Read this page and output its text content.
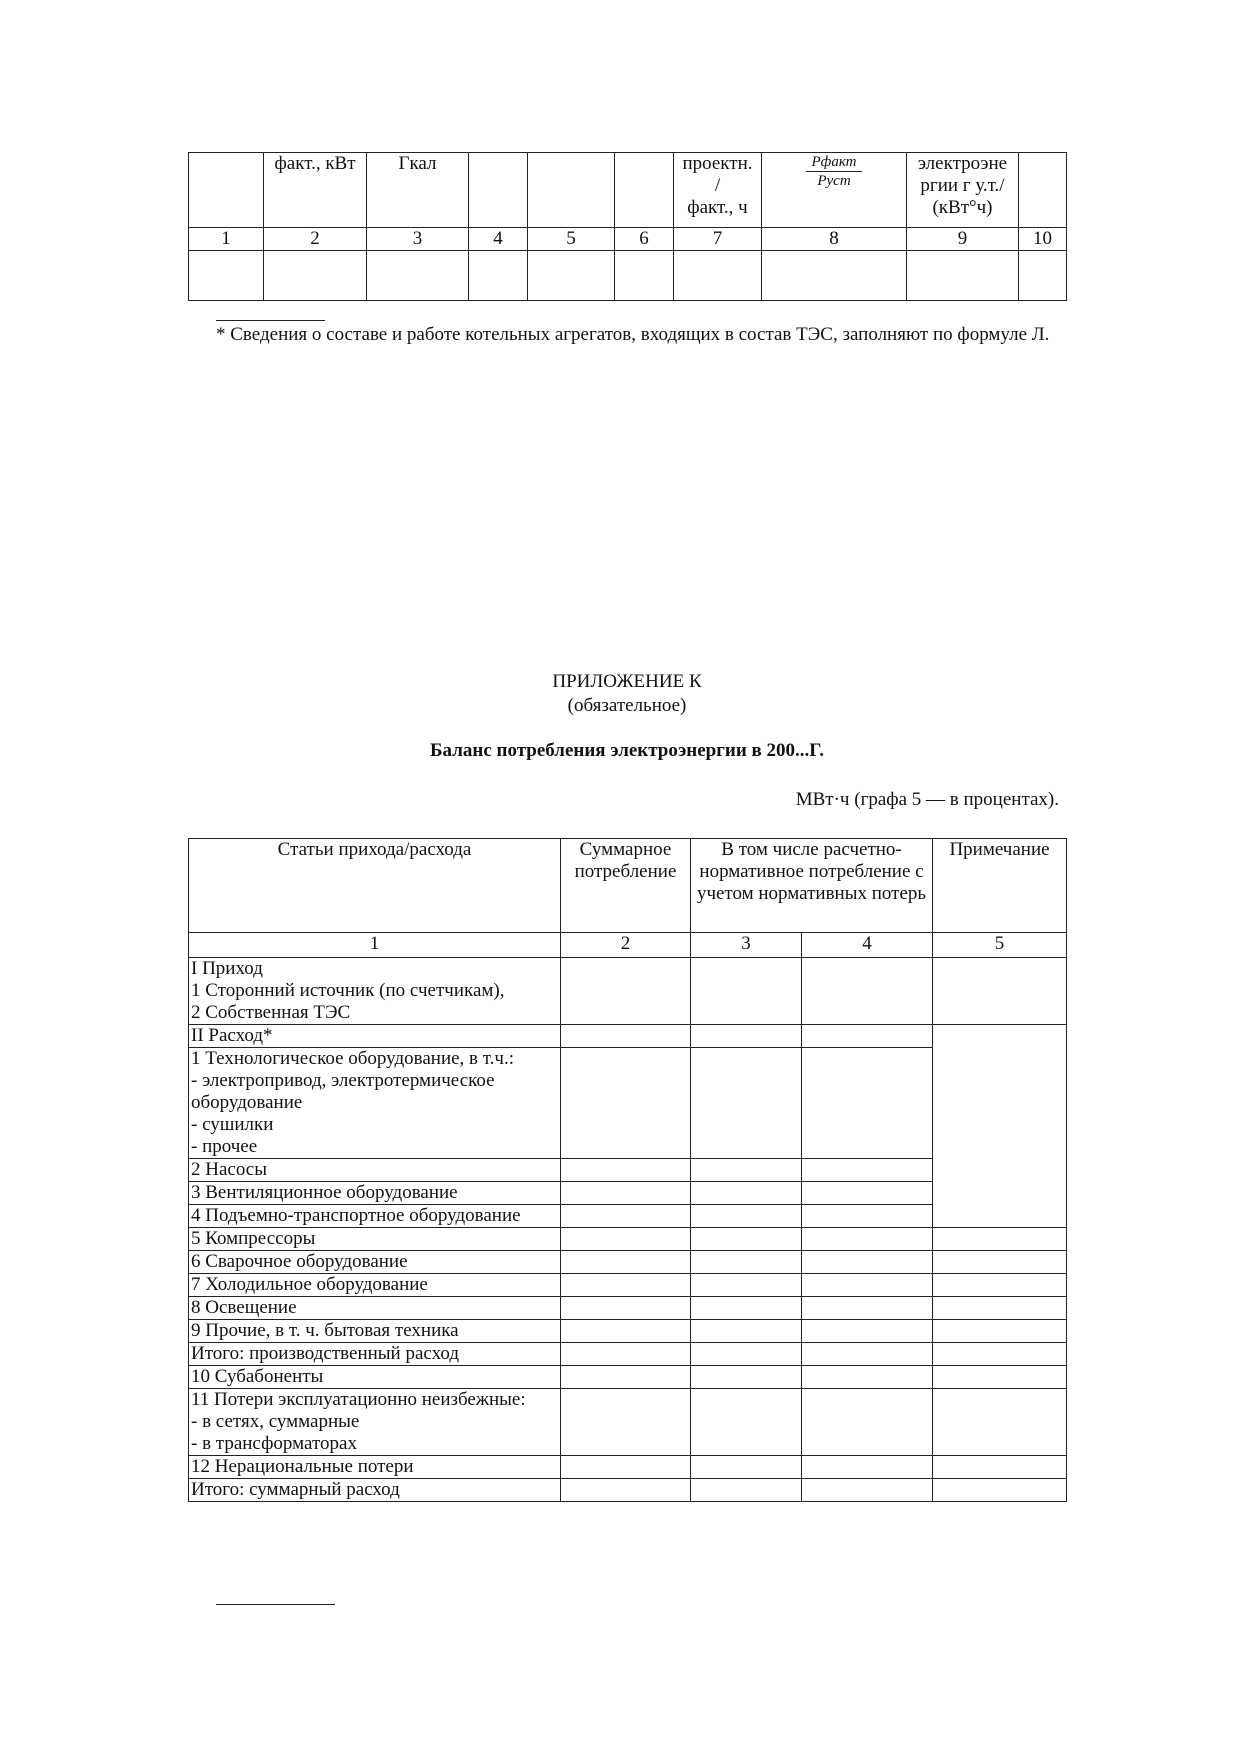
	факт., кВт	Гкал				проектн.
/
факт., ч	$\frac{\text{Рфакт}}{\text{Руст}}$	электроэне
ргии г у.т./
(кВт°ч)	
1	2	3	4	5	6	7	8	9	10

* Сведения о составе и работе котельных агрегатов, входящих в состав ТЭС, заполняют по формуле Л.
ПРИЛОЖЕНИЕ К
(обязательное)
Баланс потребления электроэнергии в 200...Г.
МВт·ч (графа 5 — в процентах).
Статьи прихода/расхода	Суммарное потребление	В том числе расчетно-нормативное потребление с учетом нормативных потерь		Примечание
1	2	3	4	5
I Приход
1 Сторонний источник (по счетчикам),
2 Собственная ТЭС				
II Расход*				
1 Технологическое оборудование, в т.ч.:
- электропривод, электротермическое оборудование
- сушилки
- прочее				
2 Насосы				
3 Вентиляционное оборудование				
4 Подъемно-транспортное оборудование				
5 Компрессоры				
6 Сварочное оборудование				
7 Холодильное оборудование				
8 Освещение				
9 Прочие, в т. ч. бытовая техника				
Итого: производственный расход				
10 Субабоненты				
11 Потери эксплуатационно неизбежные:
- в сетях, суммарные
- в трансформаторах				
12 Нерациональные потери				
Итого: суммарный расход				
